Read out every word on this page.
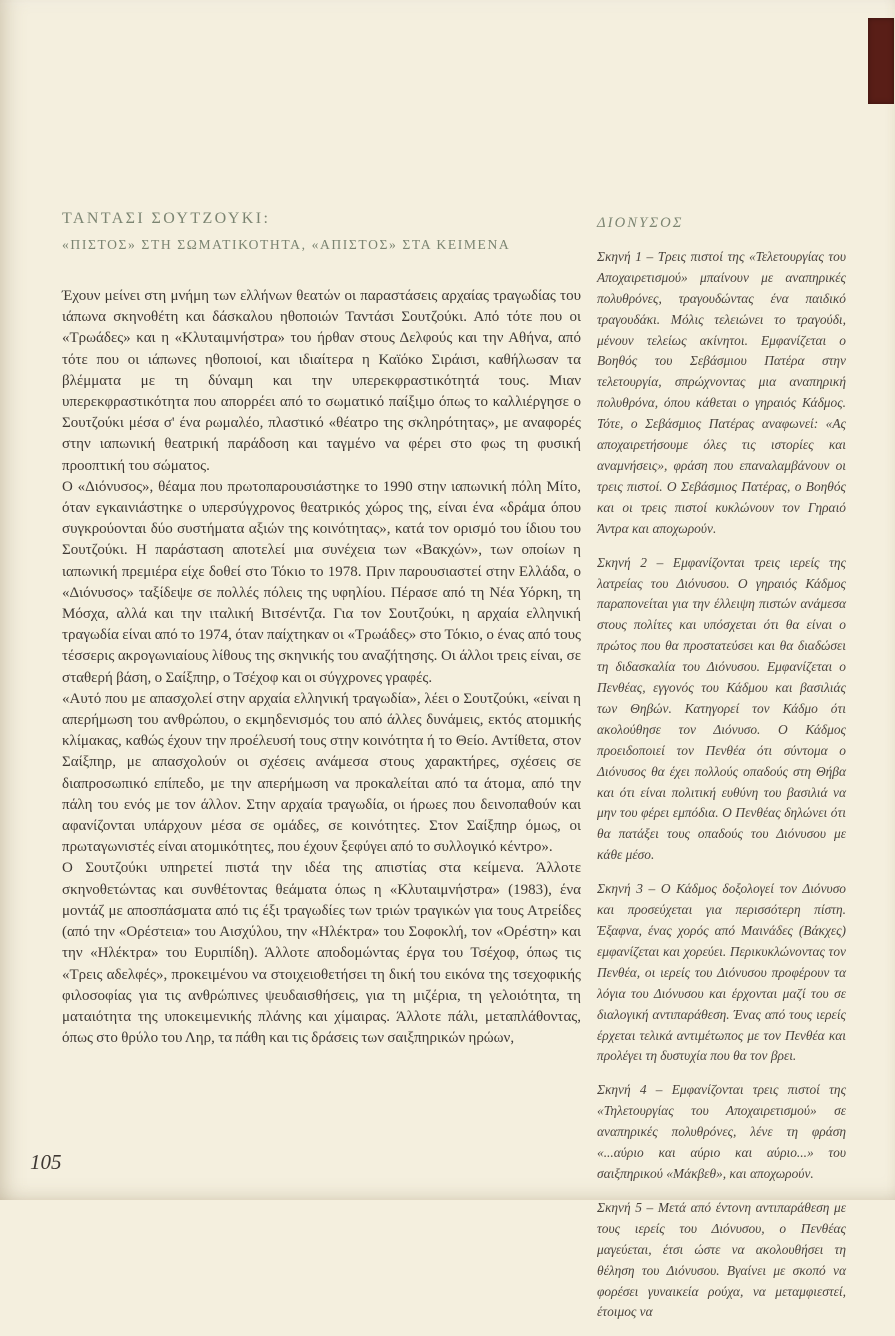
ΤΑΝΤΑΣΙ ΣΟΥΤΖΟΥΚΙ:
«ΠΙΣΤΟΣ» ΣΤΗ ΣΩΜΑΤΙΚΟΤΗΤΑ, «ΑΠΙΣΤΟΣ» ΣΤΑ ΚΕΙΜΕΝΑ

Έχουν μείνει στη μνήμη των ελλήνων θεατών οι παραστάσεις αρχαίας τραγωδίας του ιάπωνα σκηνοθέτη και δάσκαλου ηθοποιών Ταντάσι Σουτζούκι. Από τότε που οι «Τρωάδες» και η «Κλυταιμνήστρα» του ήρθαν στους Δελφούς και την Αθήνα, από τότε που οι ιάπωνες ηθοποιοί, και ιδιαίτερα η Καϊόκο Σιράισι, καθήλωσαν τα βλέμματα με τη δύναμη και την υπερεκφραστικότητά τους. Μιαν υπερεκφραστικότητα που απορρέει από το σωματικό παίξιμο όπως το καλλιέργησε ο Σουτζούκι μέσα σ' ένα ρωμαλέο, πλαστικό «θέατρο της σκληρότητας», με αναφορές στην ιαπωνική θεατρική παράδοση και ταγμένο να φέρει στο φως τη φυσική προοπτική του σώματος.

Ο «Διόνυσος», θέαμα που πρωτοπαρουσιάστηκε το 1990 στην ιαπωνική πόλη Μίτο, όταν εγκαινιάστηκε ο υπερσύγχρονος θεατρικός χώρος της, είναι ένα «δράμα όπου συγκρούονται δύο συστήματα αξιών της κοινότητας», κατά τον ορισμό του ίδιου του Σουτζούκι. Η παράσταση αποτελεί μια συνέχεια των «Βακχών», των οποίων η ιαπωνική πρεμιέρα είχε δοθεί στο Τόκιο το 1978. Πριν παρουσιαστεί στην Ελλάδα, ο «Διόνυσος» ταξίδεψε σε πολλές πόλεις της υφηλίου. Πέρασε από τη Νέα Υόρκη, τη Μόσχα, αλλά και την ιταλική Βιτσέντζα. Για τον Σουτζούκι, η αρχαία ελληνική τραγωδία είναι από το 1974, όταν παίχτηκαν οι «Τρωάδες» στο Τόκιο, ο ένας από τους τέσσερις ακρογωνιαίους λίθους της σκηνικής του αναζήτησης. Οι άλλοι τρεις είναι, σε σταθερή βάση, ο Σαίξπηρ, ο Τσέχοφ και οι σύγχρονες γραφές.

«Αυτό που με απασχολεί στην αρχαία ελληνική τραγωδία», λέει ο Σουτζούκι, «είναι η απερήμωση του ανθρώπου, ο εκμηδενισμός του από άλλες δυνάμεις, εκτός ατομικής κλίμακας, καθώς έχουν την προέλευσή τους στην κοινότητα ή το Θείο. Αντίθετα, στον Σαίξπηρ, με απασχολούν οι σχέσεις ανάμεσα στους χαρακτήρες, σχέσεις σε διαπροσωπικό επίπεδο, με την απερήμωση να προκαλείται από τα άτομα, από την πάλη του ενός με τον άλλον. Στην αρχαία τραγωδία, οι ήρωες που δεινοπαθούν και αφανίζονται υπάρχουν μέσα σε ομάδες, σε κοινότητες. Στον Σαίξπηρ όμως, οι πρωταγωνιστές είναι ατομικότητες, που έχουν ξεφύγει από το συλλογικό κέντρο».

Ο Σουτζούκι υπηρετεί πιστά την ιδέα της απιστίας στα κείμενα. Άλλοτε σκηνοθετώντας και συνθέτοντας θεάματα όπως η «Κλυταιμνήστρα» (1983), ένα μοντάζ με αποσπάσματα από τις έξι τραγωδίες των τριών τραγικών για τους Ατρείδες (από την «Ορέστεια» του Αισχύλου, την «Ηλέκτρα» του Σοφοκλή, τον «Ορέστη» και την «Ηλέκτρα» του Ευριπίδη). Άλλοτε αποδομώντας έργα του Τσέχοφ, όπως τις «Τρεις αδελφές», προκειμένου να στοιχειοθετήσει τη δική του εικόνα της τσεχοφικής φιλοσοφίας για τις ανθρώπινες ψευδαισθήσεις, για τη μιζέρια, τη γελοιότητα, τη ματαιότητα της υποκειμενικής πλάνης και χίμαιρας. Άλλοτε πάλι, μεταπλάθοντας, όπως στο θρύλο του Ληρ, τα πάθη και τις δράσεις των σαιξπηρικών ηρώων,

ΔΙΟΝΥΣΟΣ

Σκηνή 1 – Τρεις πιστοί της «Τελετουργίας του Αποχαιρετισμού» μπαίνουν με αναπηρικές πολυθρόνες, τραγουδώντας ένα παιδικό τραγουδάκι. Μόλις τελειώνει το τραγούδι, μένουν τελείως ακίνητοι. Εμφανίζεται ο Βοηθός του Σεβάσμιου Πατέρα στην τελετουργία, σπρώχνοντας μια αναπηρική πολυθρόνα, όπου κάθεται ο γηραιός Κάδμος. Τότε, ο Σεβάσμιος Πατέρας αναφωνεί: «Ας αποχαιρετήσουμε όλες τις ιστορίες και αναμνήσεις», φράση που επαναλαμβάνουν οι τρεις πιστοί. Ο Σεβάσμιος Πατέρας, ο Βοηθός και οι τρεις πιστοί κυκλώνουν τον Γηραιό Άντρα και αποχωρούν.

Σκηνή 2 – Εμφανίζονται τρεις ιερείς της λατρείας του Διόνυσου. Ο γηραιός Κάδμος παραπονείται για την έλλειψη πιστών ανάμεσα στους πολίτες και υπόσχεται ότι θα είναι ο πρώτος που θα προστατεύσει και θα διαδώσει τη διδασκαλία του Διόνυσου. Εμφανίζεται ο Πενθέας, εγγονός του Κάδμου και βασιλιάς των Θηβών. Κατηγορεί τον Κάδμο ότι ακολούθησε τον Διόνυσο. Ο Κάδμος προειδοποιεί τον Πενθέα ότι σύντομα ο Διόνυσος θα έχει πολλούς οπαδούς στη Θήβα και ότι είναι πολιτική ευθύνη του βασιλιά να μην του φέρει εμπόδια. Ο Πενθέας δηλώνει ότι θα πατάξει τους οπαδούς του Διόνυσου με κάθε μέσο.

Σκηνή 3 – Ο Κάδμος δοξολογεί τον Διόνυσο και προσεύχεται για περισσότερη πίστη. Έξαφνα, ένας χορός από Μαινάδες (Βάκχες) εμφανίζεται και χορεύει. Περικυκλώνοντας τον Πενθέα, οι ιερείς του Διόνυσου προφέρουν τα λόγια του Διόνυσου και έρχονται μαζί του σε διαλογική αντιπαράθεση. Ένας από τους ιερείς έρχεται τελικά αντιμέτωπος με τον Πενθέα και προλέγει τη δυστυχία που θα τον βρει.

Σκηνή 4 – Εμφανίζονται τρεις πιστοί της «Τηλετουργίας του Αποχαιρετισμού» σε αναπηρικές πολυθρόνες, λένε τη φράση «...αύριο και αύριο και αύριο...» του σαιξπηρικού «Μάκβεθ», και αποχωρούν.

Σκηνή 5 – Μετά από έντονη αντιπαράθεση με τους ιερείς του Διόνυσου, ο Πενθέας μαγεύεται, έτσι ώστε να ακολουθήσει τη θέληση του Διόνυσου. Βγαίνει με σκοπό να φορέσει γυναικεία ρούχα, να μεταμφιεστεί, έτοιμος να

105
